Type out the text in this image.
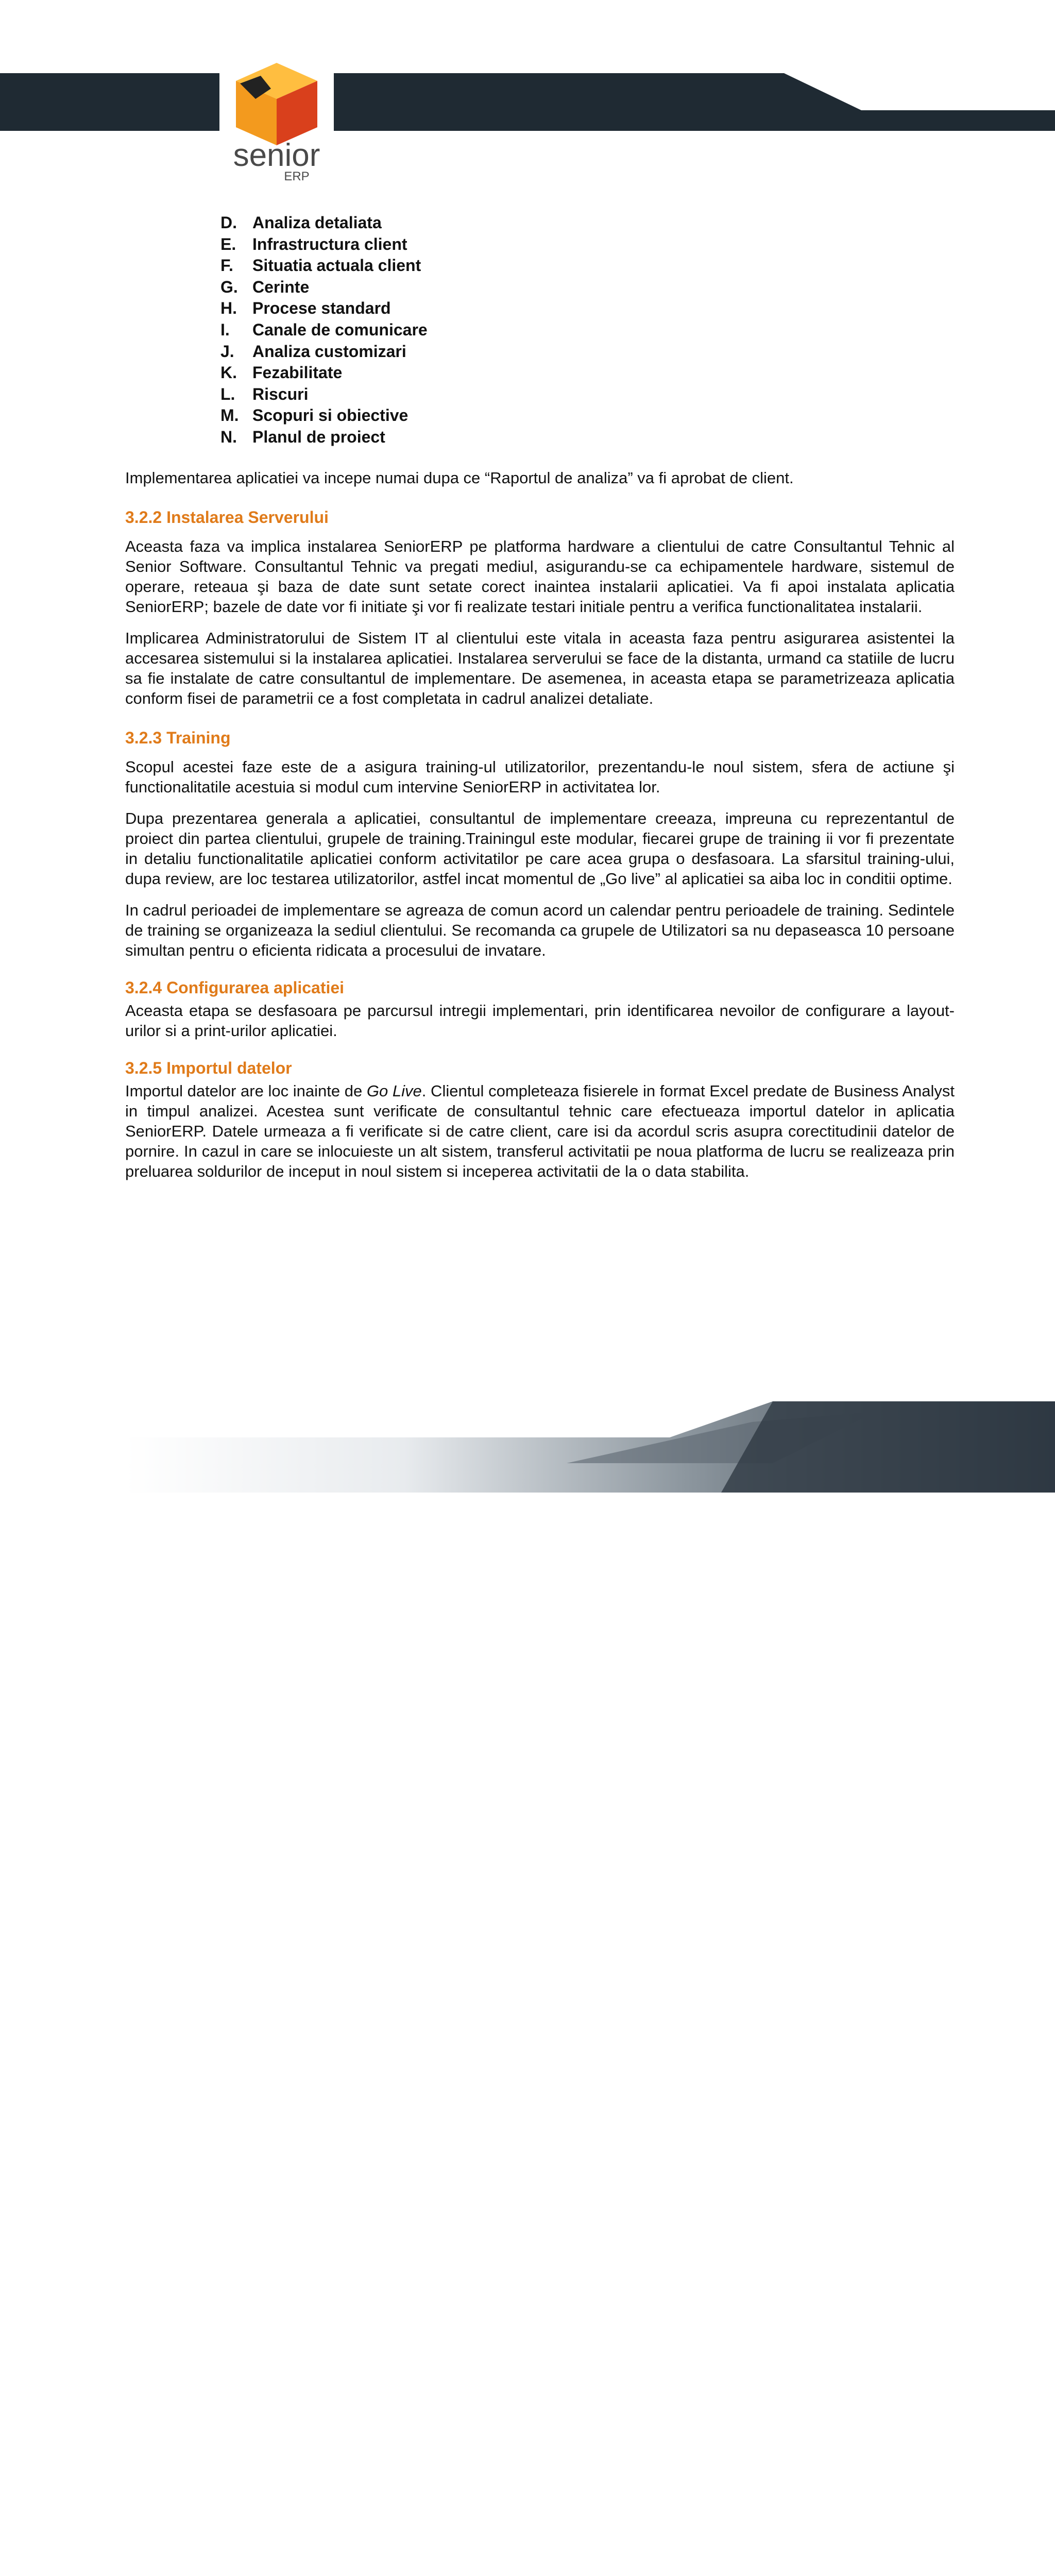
senior
ERP
D. Analiza detaliata
E. Infrastructura client
F.	Situatia actuala client
G. Cerinte
H. Procese standard
I.	Canale de comunicare
J.	Analiza customizari
K. Fezabilitate
L.	Riscuri
M. Scopuri si obiective
N. Planul de proiect

Implementarea aplicatiei va incepe numai dupa ce “Raportul de analiza” va fi aprobat de client.

3.2.2 Instalarea Serverului

Aceasta faza va implica instalarea SeniorERP pe platforma hardware a clientului de catre Consultantul Tehnic al Senior Software. Consultantul Tehnic va pregati mediul, asigurandu-se ca echipamentele hardware, sistemul de operare, reteaua şi baza de date sunt setate corect inaintea instalarii aplicatiei. Va fi apoi instalata aplicatia SeniorERP; bazele de date vor fi initiate şi vor fi realizate testari initiale pentru a verifica functionalitatea instalarii.

Implicarea Administratorului de Sistem IT al clientului este vitala in aceasta faza pentru asigurarea asistentei la accesarea sistemului si la instalarea aplicatiei. Instalarea serverului se face de la distanta, urmand ca statiile de lucru sa fie instalate de catre consultantul de implementare. De asemenea, in aceasta etapa se parametrizeaza aplicatia conform fisei de parametrii ce a fost completata in cadrul analizei detaliate.

3.2.3 Training

Scopul acestei faze este de a asigura training-ul utilizatorilor, prezentandu-le noul sistem, sfera de actiune şi functionalitatile acestuia si modul cum intervine SeniorERP in activitatea lor.

Dupa prezentarea generala a aplicatiei, consultantul de implementare creeaza, impreuna cu reprezentantul de proiect din partea clientului, grupele de training.Trainingul este modular, fiecarei grupe de training ii vor fi prezentate in detaliu functionalitatile aplicatiei conform activitatilor pe care acea grupa o desfasoara. La sfarsitul training-ului, dupa review, are loc testarea utilizatorilor, astfel incat momentul de „Go live” al aplicatiei sa aiba loc in conditii optime.

In cadrul perioadei de implementare se agreaza de comun acord un calendar pentru perioadele de training. Sedintele de training se organizeaza la sediul clientului. Se recomanda ca grupele de Utilizatori sa nu depaseasca 10 persoane simultan pentru o eficienta ridicata a procesului de invatare.

3.2.4 Configurarea aplicatiei

Aceasta etapa se desfasoara pe parcursul intregii implementari, prin identificarea nevoilor de configurare a layout-urilor si a print-urilor aplicatiei.

3.2.5 Importul datelor

Importul datelor are loc inainte de Go Live. Clientul completeaza fisierele in format Excel predate de Business Analyst in timpul analizei. Acestea sunt verificate de consultantul tehnic care efectueaza importul datelor in aplicatia SeniorERP. Datele urmeaza a fi verificate si de catre client, care isi da acordul scris asupra corectitudinii datelor de pornire. In cazul in care se inlocuieste un alt sistem, transferul activitatii pe noua platforma de lucru se realizeaza prin preluarea soldurilor de inceput in noul sistem si inceperea activitatii de la o data stabilita.
